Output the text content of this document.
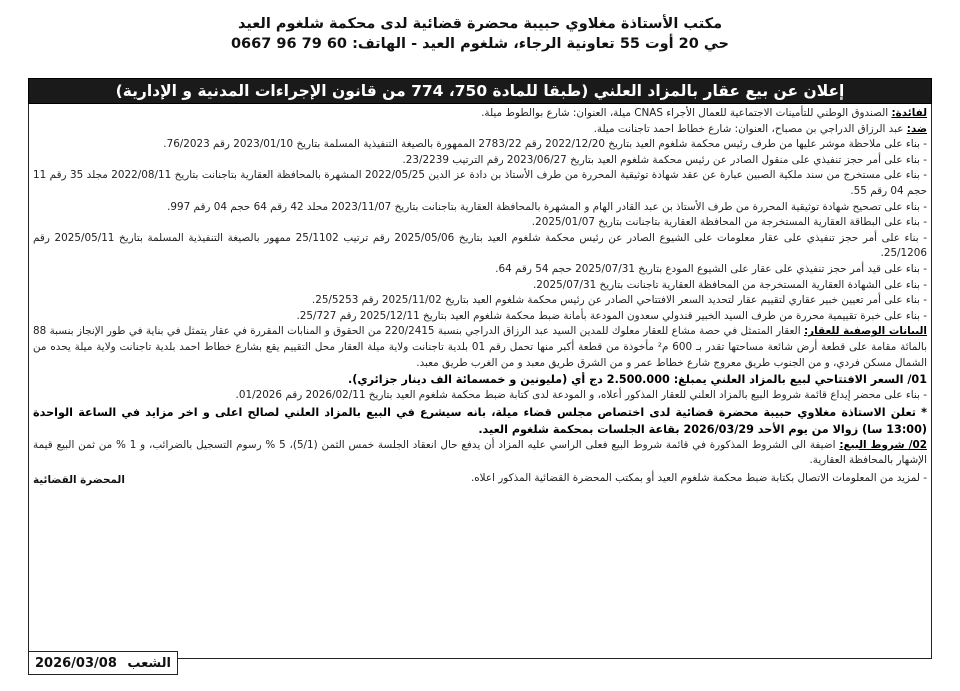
مكتب الأستاذة مغلاوي حبيبة محضرة قضائية لدى محكمة شلغوم العيد
حي 20 أوت 55 تعاونية الرجاء، شلغوم العيد - الهاتف: 0667 96 79 60
إعلان عن بيع عقار بالمزاد العلني (طبقا للمادة 750، 774 من قانون الإجراءات المدنية و الإدارية)

لفائدة: الصندوق الوطني للتأمينات الاجتماعية للعمال الأجراء CNAS ميلة، العنوان: شارع بوالطوط ميلة.

ضد: عبد الرزاق الدراجي بن مصباح، العنوان: شارع خطاط احمد تاجنانت ميلة.

- بناء على ملاحظة موشر عليها من طرف رئيس محكمة شلغوم العيد بتاريخ 2022/12/20 رقم 2783/22 الممهورة بالصيغة التنفيذية المسلمة بتاريخ 2023/01/10 رقم 76/2023.

- بناء على أمر حجز تنفيذي على منقول الصادر عن رئيس محكمة شلغوم العيد بتاريخ 2023/06/27 رقم الترتيب 23/2239.

- بناء على مستخرج من سند ملكية الصبين عبارة عن عقد شهادة توثيقية المحررة من طرف الأستاذ بن دادة عز الدين 2022/05/25 المشهرة بالمحافظة العقارية بتاجنانت بتاريخ 2022/08/11 مجلد 35 رقم 11 حجم 04 رقم 55.

- بناء على تصحيح شهادة توثيقية المحررة من طرف الأستاذ بن عبد القادر الهام و المشهرة بالمحافظة العقارية بتاجنانت بتاريخ 2023/11/07 محلد 42 رقم 64 حجم 04 رقم 997.

- بناء على البطاقة العقارية المستخرجة من المحافظة العقارية بتاجنانت بتاريخ 2025/01/07.

- بناء على أمر حجز تنفيذي على عقار معلومات على الشيوع الصادر عن رئيس محكمة شلغوم العيد بتاريخ 2025/05/06 رقم ترتيب 25/1102 ممهور بالصيغة التنفيذية المسلمة بتاريخ 2025/05/11 رقم 25/1206.

- بناء على قيد أمر حجز تنفيذي على عقار على الشيوع المودع بتاريخ 2025/07/31 حجم 54 رقم 64.

- بناء على الشهادة العقارية المستخرجة من المحافظة العقارية تاجنانت بتاريخ 2025/07/31.

- بناء على أمر تعيين خبير عقاري لتقييم عقار لتحديد السعر الافتتاحي الصادر عن رئيس محكمة شلغوم العيد بتاريخ 2025/11/02 رقم 25/5253.

- بناء على خبرة تقييمية محررة من طرف السيد الخبير قندولي سعدون المودعة بأمانة ضبط محكمة شلغوم العيد بتاريخ 2025/12/11 رقم 25/727.

البيانات الوصفية للعقار: العقار المتمثل في حصة مشاع للعقار معلوك للمدين السيد عبد الرزاق الدراجي بنسبة 220/2415 من الحقوق و المنابات المقررة في عقار يتمثل في بناية في طور الإنجاز بنسبة 88 بالمائة مقامة على قطعة أرض شائعة مساحتها تقدر بـ 600 م² مأخوذة من قطعة أكبر منها تحمل رقم 01 بلدية تاجنانت ولاية ميلة العقار محل التقييم يقع بشارع خطاط احمد بلدية تاجنانت ولاية ميلة يحده من الشمال مسكن فردي، و من الجنوب طريق معروج شارع خطاط عمر و من الشرق طريق معبد و من الغرب طريق معبد.

01/ السعر الافتتاحي لبيع بالمزاد العلني يمبلغ: 2.500.000 دج أي (مليونين و خمسمائة الف دينار جزائري).

- بناء على محضر إيداع قائمة شروط البيع بالمزاد العلني للعقار المذكور أعلاه، و المودعة لدى كتابة ضبط محكمة شلغوم العيد بتاريخ 2026/02/11 رقم 01/2026.

* تعلن الاستاذة مغلاوي حبيبة محضرة قضائية لدى اختصاص مجلس قضاء ميلة، بانه سيشرع في البيع بالمزاد العلني لصالح اعلى و اخر مزايد في الساعة الواحدة (13:00 سا) زوالا من يوم الأحد 2026/03/29 بقاعة الجلسات بمحكمة شلغوم العيد.

02/ شروط البيع: اضيفة الى الشروط المذكورة في قائمة شروط البيع فعلى الراسي عليه المزاد أن يدفع حال انعقاد الجلسة خمس الثمن (5/1)، 5 % رسوم التسجيل بالضرائب، و 1 % من ثمن البيع قيمة الإشهار بالمحافظة العقارية.

- لمزيد من المعلومات الاتصال بكتابة ضبط محكمة شلغوم العيد أو بمكتب المحضرة القضائية المذكور اعلاه.
المحضرة القضائية
الشعب
2026/03/08
